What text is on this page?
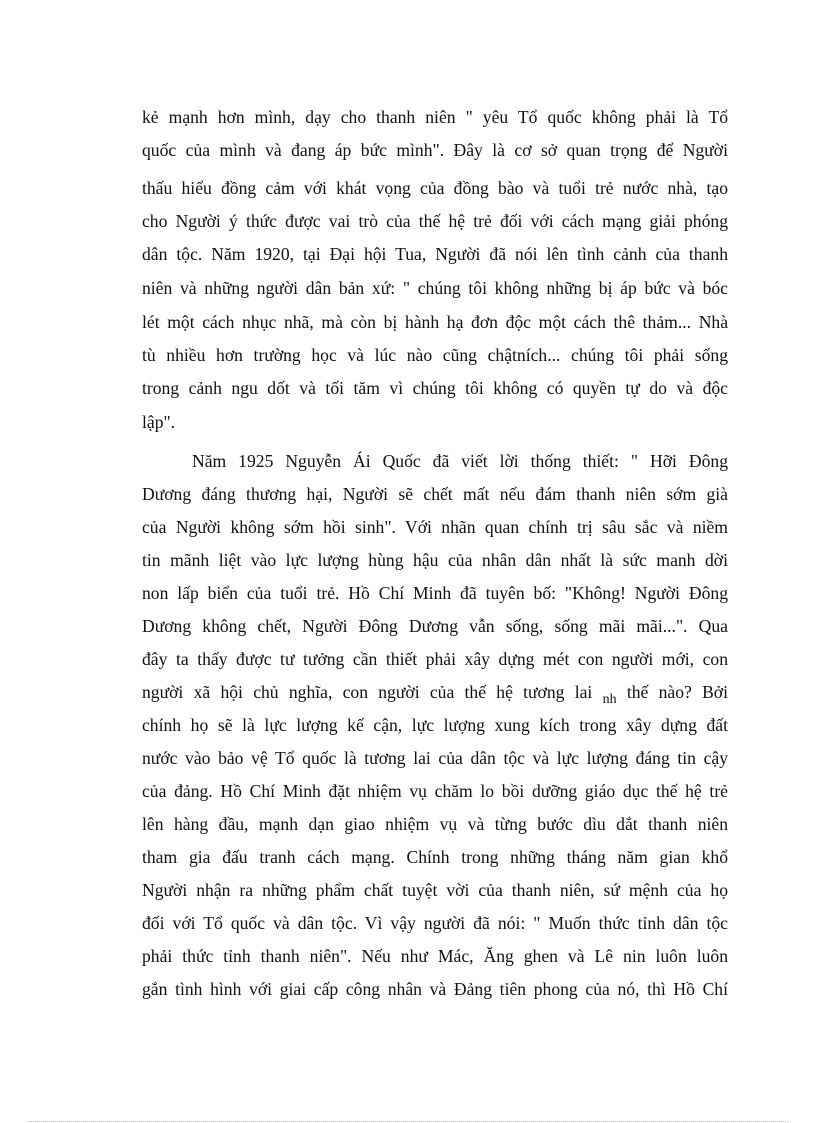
kẻ mạnh hơn mình, dạy cho thanh niên " yêu Tổ quốc không phải là Tổ
quốc của mình và đang áp bức mình". Đây là cơ sở quan trọng để Người
thấu hiểu đồng cảm với khát vọng của đồng bào và tuổi trẻ nước nhà, tạo
cho Người ý thức được vai trò của thế hệ trẻ đối với cách mạng giải phóng
dân tộc. Năm 1920, tại Đại hội Tua, Người đã nói lên tình cảnh của thanh
niên và những người dân bản xứ: " chúng tôi không những bị áp bức và bóc
lét một cách nhục nhã, mà còn bị hành hạ đơn độc một cách thê thảm... Nhà
tù nhiều hơn trường học và lúc nào cũng chậtních... chúng tôi phải sống
trong cảnh ngu dốt và tối tăm vì chúng tôi không có quyền tự do và độc
lập".
Năm 1925 Nguyễn Ái Quốc đã viết lời thống thiết: " Hỡi Đông
Dương đáng thương hại, Người sẽ chết mất nếu đám thanh niên sớm già
của Người không sớm hồi sinh". Với nhãn quan chính trị sâu sắc và niềm
tin mãnh liệt vào lực lượng hùng hậu của nhân dân nhất là sức manh dời
non lấp biển của tuổi trẻ. Hồ Chí Minh đã tuyên bố: "Không! Người Đông
Dương không chết, Người Đông Dương vẫn sống, sống mãi mãi...". Qua
đây ta thấy được tư tưởng cần thiết phải xây dựng mét con người mới, con
người xã hội chủ nghĩa, con người của thế hệ tương lai $_{nh}$ thế nào? Bởi
chính họ sẽ là lực lượng kế cận, lực lượng xung kích trong xây dựng đất
nước vào bảo vệ Tổ quốc là tương lai của dân tộc và lực lượng đáng tin cậy
của đảng. Hồ Chí Minh đặt nhiệm vụ chăm lo bồi dưỡng giáo dục thế hệ trẻ
lên hàng đầu, mạnh dạn giao nhiệm vụ và từng bước dìu dắt thanh niên
tham gia đấu tranh cách mạng. Chính trong những tháng năm gian khổ
Người nhận ra những phẩm chất tuyệt vời của thanh niên, sứ mệnh của họ
đối với Tổ quốc và dân tộc. Vì vậy người đã nói: " Muốn thức tỉnh dân tộc
phải thức tỉnh thanh niên". Nếu như Mác, Ăng ghen và Lê nin luôn luôn
gắn tình hình với giai cấp công nhân và Đảng tiên phong của nó, thì Hồ Chí
